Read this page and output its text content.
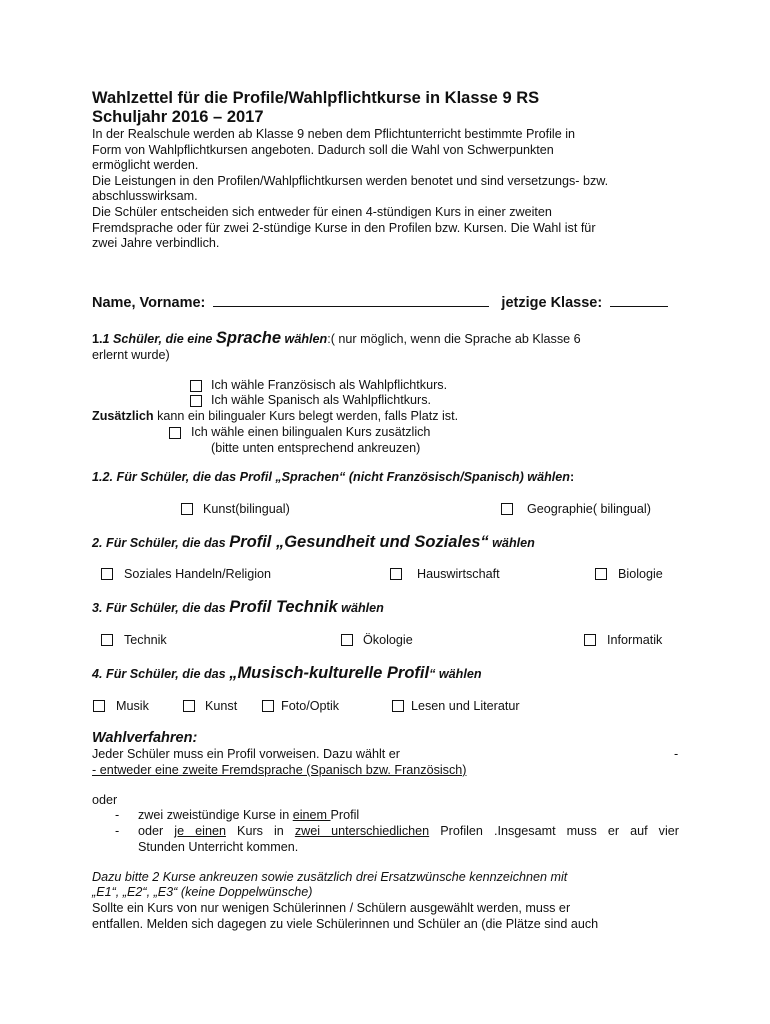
Wahlzettel für die Profile/Wahlpflichtkurse in Klasse 9 RS
Schuljahr 2016 – 2017
In der Realschule werden ab Klasse 9 neben dem Pflichtunterricht bestimmte Profile in
Form von Wahlpflichtkursen angeboten. Dadurch soll die Wahl von Schwerpunkten
ermöglicht werden.
Die Leistungen in den Profilen/Wahlpflichtkursen werden benotet und sind versetzungs- bzw.
abschlusswirksam.
Die Schüler entscheiden sich entweder für einen 4-stündigen Kurs in einer zweiten
Fremdsprache oder für zwei 2-stündige Kurse in den Profilen bzw. Kursen. Die Wahl ist für
zwei Jahre verbindlich.
Name, Vorname:	jetzige Klasse:
1.1 Schüler, die eine Sprache wählen:( nur möglich, wenn die Sprache ab Klasse 6
erlernt wurde)
Ich wähle Französisch als Wahlpflichtkurs.
Ich wähle Spanisch als Wahlpflichtkurs.
Zusätzlich kann ein bilingualer Kurs belegt werden, falls Platz ist.
Ich wähle einen bilingualen Kurs zusätzlich
(bitte unten entsprechend ankreuzen)
1.2. Für Schüler, die das Profil „Sprachen“ (nicht Französisch/Spanisch) wählen:
Kunst(bilingual)	Geographie( bilingual)
2. Für Schüler, die das Profil „Gesundheit und Soziales“ wählen
Soziales Handeln/Religion	Hauswirtschaft	Biologie
3. Für Schüler, die das Profil Technik wählen
Technik	Ökologie	Informatik
4. Für Schüler, die das „Musisch-kulturelle Profil“ wählen
Musik	Kunst	Foto/Optik	Lesen und Literatur
Wahlverfahren:
Jeder Schüler muss ein Profil vorweisen. Dazu wählt er	-
- entweder eine zweite Fremdsprache (Spanisch bzw. Französisch)
oder
- zwei zweistündige Kurse in einem Profil
- oder je einen Kurs in zwei unterschiedlichen Profilen .Insgesamt muss er auf vier
Stunden Unterricht kommen.
Dazu bitte 2 Kurse ankreuzen sowie zusätzlich drei Ersatzwünsche kennzeichnen mit
„E1“, „E2“, „E3“ (keine Doppelwünsche)
Sollte ein Kurs von nur wenigen Schülerinnen / Schülern ausgewählt werden, muss er
entfallen. Melden sich dagegen zu viele Schülerinnen und Schüler an (die Plätze sind auch
